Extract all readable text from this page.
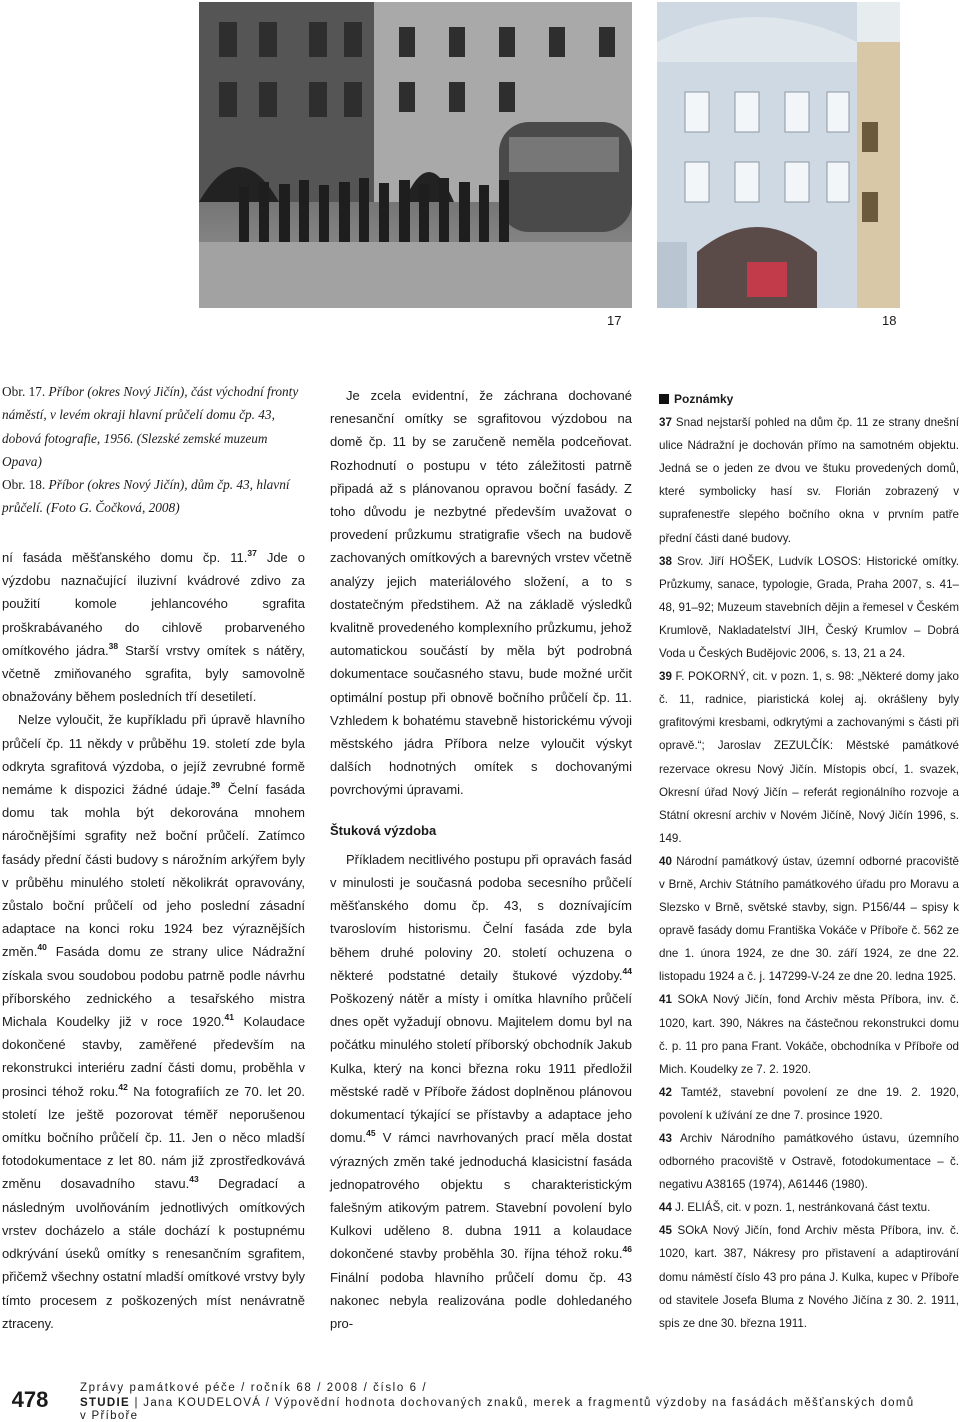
17	18

Obr. 17. Příbor (okres Nový Jičín), část východní fronty náměstí, v levém okraji hlavní průčelí domu čp. 43, dobová fotografie, 1956. (Slezské zemské muzeum Opava)

Obr. 18. Příbor (okres Nový Jičín), dům čp. 43, hlavní průčelí. (Foto G. Čočková, 2008)

ní fasáda měšťanského domu čp. 11.37 Jde o výzdobu naznačující iluzivní kvádrové zdivo za použití komole jehlancového sgrafita proškrabávaného do cihlově probarveného omítkového jádra.$^{38}$ Starší vrstvy omítek s nátěry, včetně zmiňovaného sgrafita, byly samovolně obnažovány během posledních tří desetiletí.

Nelze vyloučit, že kupříkladu při úpravě hlavního průčelí čp. 11 někdy v průběhu 19. století zde byla odkryta sgrafitová výzdoba, o jejíž zevrubné formě nemáme k dispozici žádné údaje.$^{39}$ Čelní fasáda domu tak mohla být dekorována mnohem náročnějšími sgrafity než boční průčelí. Zatímco fasády přední části budovy s nárožním arkýřem byly v průběhu minulého století několikrát opravovány, zůstalo boční průčelí od jeho poslední zásadní adaptace na konci roku 1924 bez výraznějších změn.$^{40}$ Fasáda domu ze strany ulice Nádražní získala svou soudobou podobu patrně podle návrhu příborského zednického a tesařského mistra Michala Koudelky již v roce 1920.41 Kolaudace dokončené stavby, zaměřené především na rekonstrukci interiéru zadní části domu, proběhla v prosinci téhož roku.$^{42}$ Na fotografiích ze 70. let 20. století lze ještě pozorovat téměř neporušenou omítku bočního průčelí čp. 11. Jen o něco mladší fotodokumentace z let 80. nám již zprostředkovává změnu dosavadního stavu.$^{43}$ Degradací a následným uvolňováním jednotlivých omítkových vrstev docházelo a stále dochází k postupnému odkrývání úseků omítky s renesančním sgrafitem, přičemž všechny ostatní mladší omítkové vrstvy byly tímto procesem z poškozených míst nenávratně ztraceny.

Je zcela evidentní, že záchrana dochované renesanční omítky se sgrafitovou výzdobou na domě čp. 11 by se zaručeně neměla podceňovat. Rozhodnutí o postupu v této záležitosti patrně připadá až s plánovanou opravou boční fasády. Z toho důvodu je nezbytné především uvažovat o provedení průzkumu stratigrafie všech na budově zachovaných omítkových a barevných vrstev včetně analýzy jejich materiálového složení, a to s dostatečným předstihem. Až na základě výsledků kvalitně provedeného komplexního průzkumu, jehož automatickou součástí by měla být podrobná dokumentace současného stavu, bude možné určit optimální postup při obnově bočního průčelí čp. 11. Vzhledem k bohatému stavebně historickému vývoji městského jádra Příbora nelze vyloučit výskyt dalších hodnotných omítek s dochovanými povrchovými úpravami.

Štuková výzdoba

Příkladem necitlivého postupu při opravách fasád v minulosti je současná podoba secesního průčelí měšťanského domu čp. 43, s doznívajícím tvaroslovím historismu. Čelní fasáda zde byla během druhé poloviny 20. století ochuzena o některé podstatné detaily štukové výzdoby.$^{44}$ Poškozený nátěr a místy i omítka hlavního průčelí dnes opět vyžadují obnovu. Majitelem domu byl na počátku minulého století příborský obchodník Jakub Kulka, který na konci března roku 1911 předložil městské radě v Příboře žádost doplněnou plánovou dokumentací týkající se přístavby a adaptace jeho domu.$^{45}$ V rámci navrhovaných prací měla dostat výrazných změn také jednoduchá klasicistní fasáda jednopatrového objektu s charakteristickým falešným atikovým patrem. Stavební povolení bylo Kulkovi uděleno 8. dubna 1911 a kolaudace dokončené stavby proběhla 30. října téhož roku.$^{46}$ Finální podoba hlavního průčelí domu čp. 43 nakonec nebyla realizována podle dohledaného pro-

Poznámky

37 Snad nejstarší pohled na dům čp. 11 ze strany dnešní ulice Nádražní je dochován přímo na samotném objektu. Jedná se o jeden ze dvou ve štuku provedených domů, které symbolicky hasí sv. Florián zobrazený v suprafenestře slepého bočního okna v prvním patře přední části dané budovy.

38 Srov. Jiří HOŠEK, Ludvík LOSOS: Historické omítky. Průzkumy, sanace, typologie, Grada, Praha 2007, s. 41–48, 91–92; Muzeum stavebních dějin a řemesel v Českém Krumlově, Nakladatelství JIH, Český Krumlov – Dobrá Voda u Českých Budějovic 2006, s. 13, 21 a 24.

39 F. POKORNÝ, cit. v pozn. 1, s. 98: „Některé domy jako č. 11, radnice, piaristická kolej aj. okrášleny byly grafitovými kresbami, odkrytými a zachovanými s části při opravě.“; Jaroslav ZEZULČÍK: Městské památkové rezervace okresu Nový Jičín. Místopis obcí, 1. svazek, Okresní úřad Nový Jičín – referát regionálního rozvoje a Státní okresní archiv v Novém Jičíně, Nový Jičín 1996, s. 149.

40 Národní památkový ústav, územní odborné pracoviště v Brně, Archiv Státního památkového úřadu pro Moravu a Slezsko v Brně, světské stavby, sign. P156/44 – spisy k opravě fasády domu Františka Vokáče v Příboře č. 562 ze dne 1. února 1924, ze dne 30. září 1924, ze dne 22. listopadu 1924 a č. j. 147299-V-24 ze dne 20. ledna 1925.

41 SOkA Nový Jičín, fond Archiv města Příbora, inv. č. 1020, kart. 390, Nákres na částečnou rekonstrukci domu č. p. 11 pro pana Frant. Vokáče, obchodníka v Příboře od Mich. Koudelky ze 7. 2. 1920.

42 Tamtéž, stavební povolení ze dne 19. 2. 1920, povolení k užívání ze dne 7. prosince 1920.

43 Archiv Národního památkového ústavu, územního odborného pracoviště v Ostravě, fotodokumentace – č. negativu A38165 (1974), A61446 (1980).

44 J. ELIÁŠ, cit. v pozn. 1, nestránkovaná část textu.

45 SOkA Nový Jičín, fond Archiv města Příbora, inv. č. 1020, kart. 387, Nákresy pro přistavení a adaptirování domu náměstí číslo 43 pro pána J. Kulka, kupec v Příboře od stavitele Josefa Bluma z Nového Jičína z 30. 2. 1911, spis ze dne 30. března 1911.

478	Zprávy památkové péče / ročník 68 / 2008 / číslo 6 /
STUDIE | Jana KOUDELOVÁ / Výpovědní hodnota dochovaných znaků, merek a fragmentů výzdoby na fasádách měšťanských domů
v Příboře
